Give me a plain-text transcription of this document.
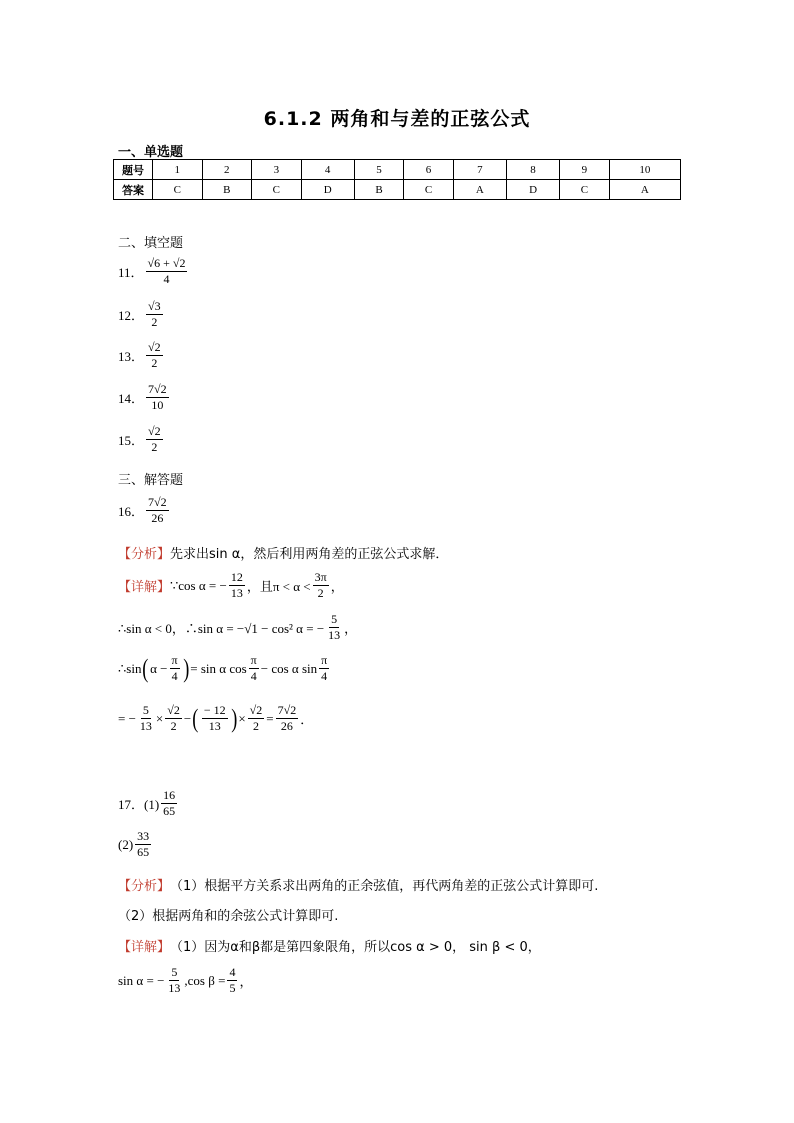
6.1.2 两角和与差的正弦公式
一、单选题
题号	1	2	3	4	5	6	7	8	9	10
答案	C	B	C	D	B	C	A	D	C	A
二、填空题
11． $\frac{√6 + √2}{4}$
12． $\frac{√3}{2}$
13． $\frac{√2}{2}$
14． $\frac{7√2}{10}$
15． $\frac{√2}{2}$
三、解答题
16． $\frac{7√2}{26}$
【分析】 先求出sin α，然后利用两角差的正弦公式求解．
【详解】 ∵cos α = − $\frac{12}{13}$ ，且$\pi < \alpha < \frac{3\pi}{2}$ ，
∴sin α < 0，∴sin α = −√1 − cos² α = − $\frac{5}{13}$ ，
∴sin ( $\alpha - \frac{\pi}{4}$ ) = sin α $\cos \frac{\pi}{4} - \cos \alpha$ $\sin \frac{\pi}{4}$
= − $\frac{5}{13} \times \frac{√2}{2}$ − ( $\frac{- 12}{13}$ ) × $\frac{√2}{2} = \frac{7√2}{26}$ ．
17．$(1) \frac{16}{65}$
$(2) \frac{33}{65}$
【分析】 （1）根据平方关系求出两角的正余弦值，再代两角差的正弦公式计算即可.
（2）根据两角和的余弦公式计算即可.
【详解】 （1）因为α和β都是第四象限角，所以cos α > 0， sin β < 0，
sin α = − $\frac{5}{13} ,\cos$ $\beta = \frac{4}{5}$ ，
